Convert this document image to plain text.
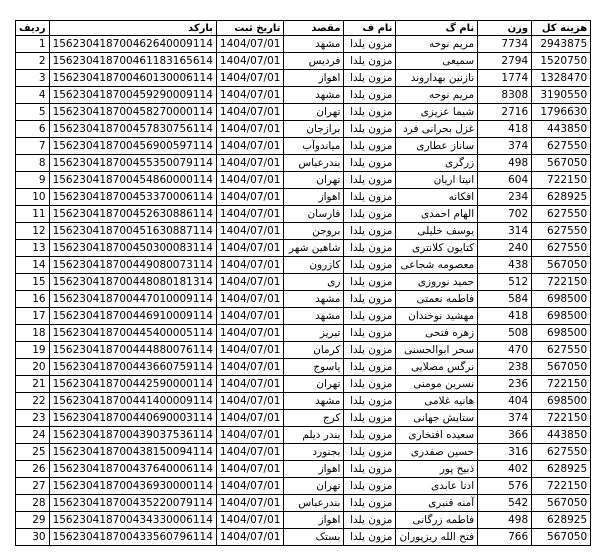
ردیف	بارکد	تاریخ ثبت	مقصد	نام ف	نام گ	وزن	هزینه کل
1	156230418700462640009114	1404/07/01	مشهد	مزون یلدا	مریم نوحه	7734	2943875
2	156230418700461183165614	1404/07/01	فردیس	مزون یلدا	سمیعی	2794	1520750
3	156230418700460130006114	1404/07/01	اهواز	مزون یلدا	نازنین بهداروند	1774	1328470
4	156230418700459290009114	1404/07/01	مشهد	مزون یلدا	مریم نوحه	8308	3190550
5	156230418700458270000114	1404/07/01	تهران	مزون یلدا	شیما عزیزی	2716	1796630
6	156230418700457830756114	1404/07/01	برازجان	مزون یلدا	غزل بحرانی فرد	418	443850
7	156230418700456900597114	1404/07/01	میاندوآب	مزون یلدا	ساناز عطاری	374	627550
8	156230418700455350079114	1404/07/01	بندرعباس	مزون یلدا	زرگری	498	567050
9	156230418700454860000114	1404/07/01	تهران	مزون یلدا	انیتا اریان	604	722150
10	156230418700453370006114	1404/07/01	اهواز	مزون یلدا	افکانه	234	628925
11	156230418700452630886114	1404/07/01	فارسان	مزون یلدا	الهام احمدی	702	627550
12	156230418700451630887114	1404/07/01	بروجن	مزون یلدا	یوسف خلیلی	314	627550
13	156230418700450300083114	1404/07/01	شاهین شهر	مزون یلدا	کتایون کلانتری	240	627550
14	156230418700449080073114	1404/07/01	کازرون	مزون یلدا	معصومه شجاعی	438	567050
15	156230418700448080181314	1404/07/01	ری	مزون یلدا	حمید نوروزی	512	722150
16	156230418700447010009114	1404/07/01	مشهد	مزون یلدا	فاطمه نعمتی	584	698500
17	156230418700446910009114	1404/07/01	مشهد	مزون یلدا	مهشید نوخندان	418	698500
18	156230418700445400005114	1404/07/01	تبریز	مزون یلدا	زهره فتحی	508	698500
19	156230418700444880076114	1404/07/01	کرمان	مزون یلدا	سحر ابوالحسنی	470	627550
20	156230418700443660759114	1404/07/01	یاسوج	مزون یلدا	نرگس مصلایی	238	567050
21	156230418700442590000114	1404/07/01	تهران	مزون یلدا	نسرین مومنی	236	722150
22	156230418700441400009114	1404/07/01	مشهد	مزون یلدا	هانیه غلامی	404	698500
23	156230418700440690003114	1404/07/01	کرج	مزون یلدا	ستایش جهانی	374	722150
24	156230418700439037536114	1404/07/01	بندر دیلم	مزون یلدا	سعیده افتخاری	366	443850
25	156230418700438150094114	1404/07/01	بجنورد	مزون یلدا	حسین صفدری	316	627550
26	156230418700437640006114	1404/07/01	اهواز	مزون یلدا	ذبیح پور	402	628925
27	156230418700436930000114	1404/07/01	تهران	مزون یلدا	ادنا عابدی	576	722150
28	156230418700435220079114	1404/07/01	بندرعباس	مزون یلدا	آمنه قنبری	542	567050
29	156230418700434330006114	1404/07/01	اهواز	مزون یلدا	فاطمه زرگانی	498	628925
30	156230418700433560796114	1404/07/01	بستک	مزون یلدا	فتح الله ریزپوران	766	567050
